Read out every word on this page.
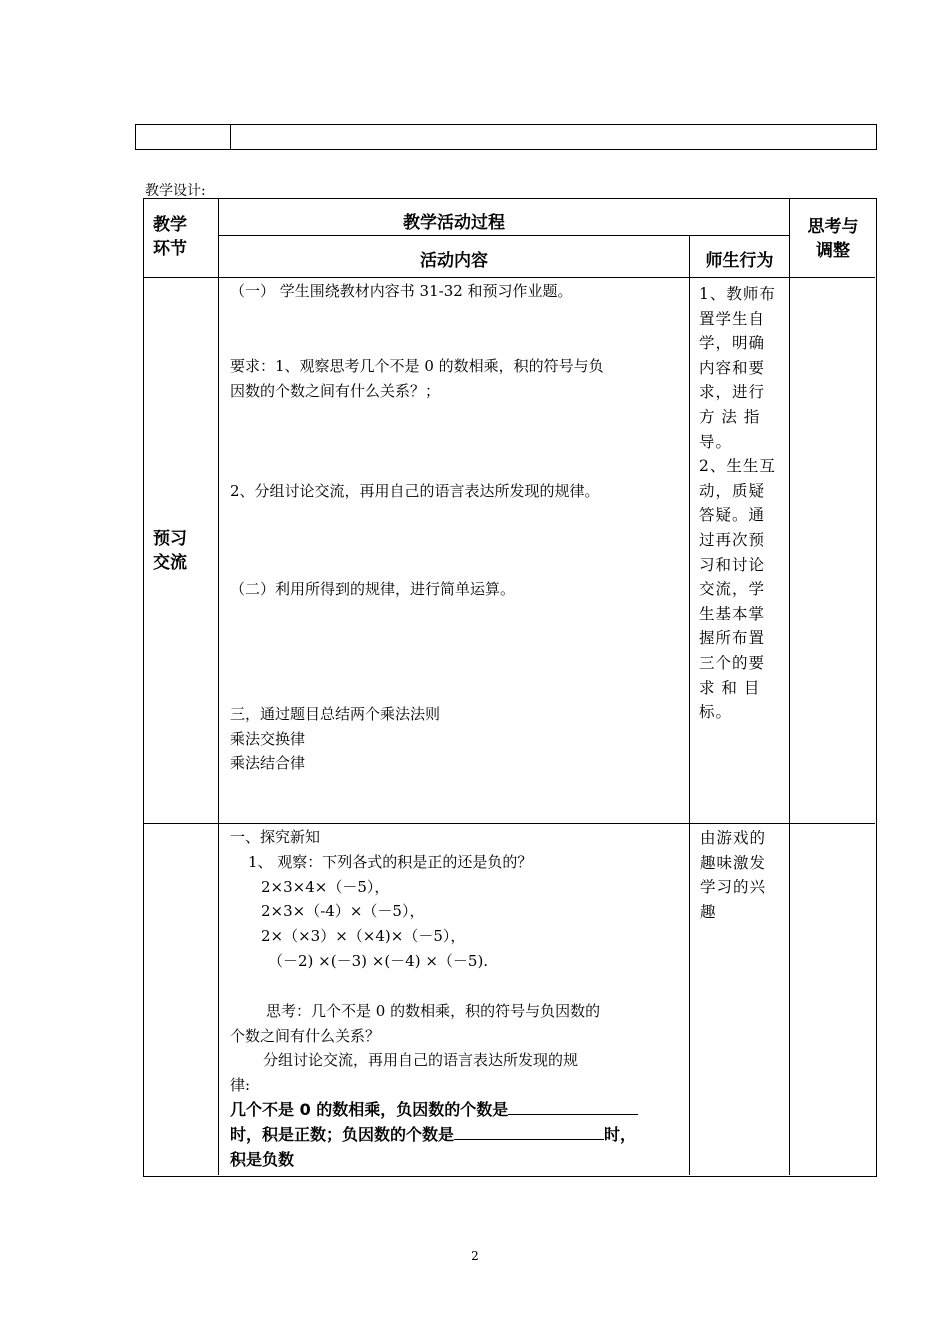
教学设计:
教学
环节
教学活动过程
活动内容	师生行为
思考与
调整
预习
交流
（一） 学生围绕教材内容书 31-32 和预习作业题。
要求：1、观察思考几个不是 0 的数相乘，积的符号与负
因数的个数之间有什么关系？；
2、分组讨论交流，再用自己的语言表达所发现的规律。
（二）利用所得到的规律，进行简单运算。
三，通过题目总结两个乘法法则
乘法交换律
乘法结合律
1、教师布
置学生自
学，明确
内容和要
求，进行
方 法 指
导。
2、生生互
动，质疑
答疑。通
过再次预
习和讨论
交流，学
生基本掌
握所布置
三个的要
求 和 目
标。
一、探究新知
1、 观察：下列各式的积是正的还是负的？
2×3×4×（－5），
2×3×（-4）×（－5），
2×（×3）×（×4)×（－5），
（－2) ×(－3) ×(－4) ×（－5).
思考：几个不是 0 的数相乘，积的符号与负因数的
个数之间有什么关系？
分组讨论交流，再用自己的语言表达所发现的规
律:
几个不是 0 的数相乘，负因数的个数是
时，积是正数；负因数的个数是	时，
积是负数
由游戏的
趣味激发
学习的兴
趣
2
